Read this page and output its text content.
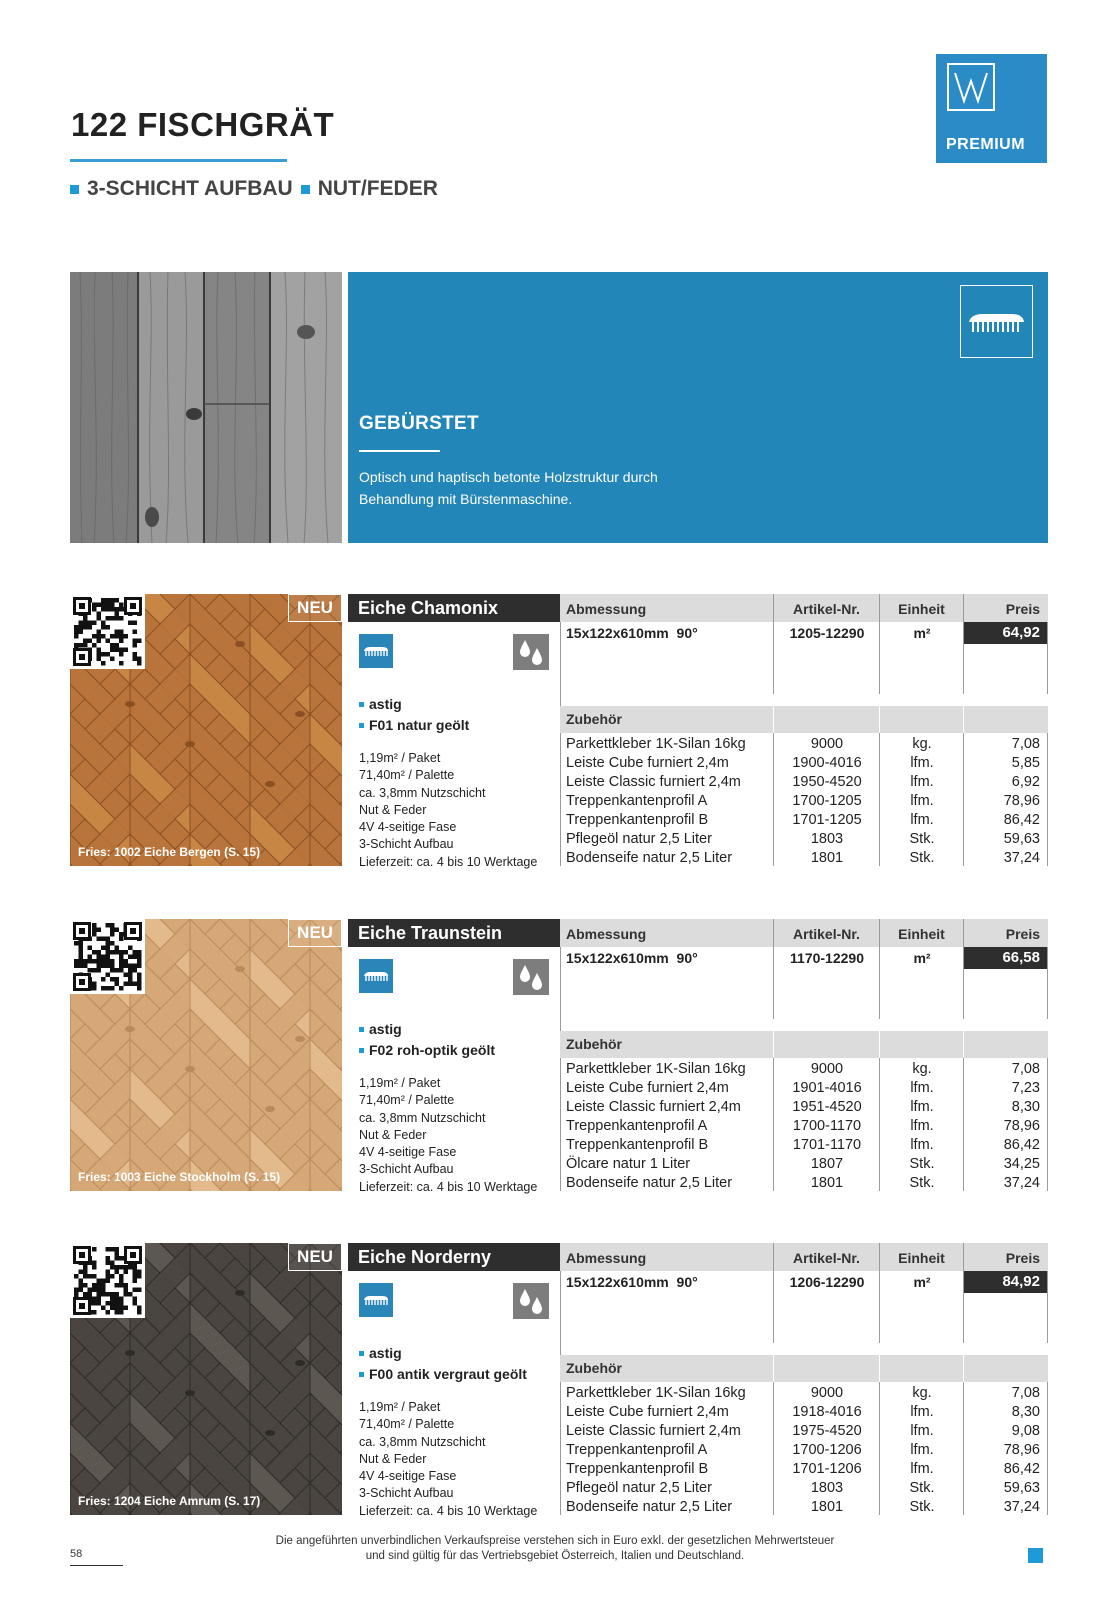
122 FISCHGRÄT
3-SCHICHT AUFBAU NUT/FEDER
PREMIUM
GEBÜRSTET
Optisch und haptisch betonte Holzstruktur durch
Behandlung mit Bürstenmaschine.
NEU
Fries: 1002 Eiche Bergen (S. 15)
Eiche Chamonix
astig
F01 natur geölt
1,19m² / Paket
71,40m² / Palette
ca. 3,8mm Nutzschicht
Nut & Feder
4V 4-seitige Fase
3-Schicht Aufbau
Lieferzeit: ca. 4 bis 10 Werktage
Abmessung	Artikel-Nr.	Einheit	Preis
15x122x610mm  90°	1205-12290	m²	64,92
Zubehör
Parkettkleber 1K-Silan 16kg	9000	kg.	7,08
Leiste Cube furniert 2,4m	1900-4016	lfm.	5,85
Leiste Classic furniert 2,4m	1950-4520	lfm.	6,92
Treppenkantenprofil A	1700-1205	lfm.	78,96
Treppenkantenprofil B	1701-1205	lfm.	86,42
Pflegeöl natur 2,5 Liter	1803	Stk.	59,63
Bodenseife natur 2,5 Liter	1801	Stk.	37,24
NEU
Fries: 1003 Eiche Stockholm (S. 15)
Eiche Traunstein
astig
F02 roh-optik geölt
1,19m² / Paket
71,40m² / Palette
ca. 3,8mm Nutzschicht
Nut & Feder
4V 4-seitige Fase
3-Schicht Aufbau
Lieferzeit: ca. 4 bis 10 Werktage
Abmessung	Artikel-Nr.	Einheit	Preis
15x122x610mm  90°	1170-12290	m²	66,58
Zubehör
Parkettkleber 1K-Silan 16kg	9000	kg.	7,08
Leiste Cube furniert 2,4m	1901-4016	lfm.	7,23
Leiste Classic furniert 2,4m	1951-4520	lfm.	8,30
Treppenkantenprofil A	1700-1170	lfm.	78,96
Treppenkantenprofil B	1701-1170	lfm.	86,42
Ölcare natur 1 Liter	1807	Stk.	34,25
Bodenseife natur 2,5 Liter	1801	Stk.	37,24
NEU
Fries: 1204 Eiche Amrum (S. 17)
Eiche Norderny
astig
F00 antik vergraut geölt
1,19m² / Paket
71,40m² / Palette
ca. 3,8mm Nutzschicht
Nut & Feder
4V 4-seitige Fase
3-Schicht Aufbau
Lieferzeit: ca. 4 bis 10 Werktage
Abmessung	Artikel-Nr.	Einheit	Preis
15x122x610mm  90°	1206-12290	m²	84,92
Zubehör
Parkettkleber 1K-Silan 16kg	9000	kg.	7,08
Leiste Cube furniert 2,4m	1918-4016	lfm.	8,30
Leiste Classic furniert 2,4m	1975-4520	lfm.	9,08
Treppenkantenprofil A	1700-1206	lfm.	78,96
Treppenkantenprofil B	1701-1206	lfm.	86,42
Pflegeöl natur 2,5 Liter	1803	Stk.	59,63
Bodenseife natur 2,5 Liter	1801	Stk.	37,24
58
Die angeführten unverbindlichen Verkaufspreise verstehen sich in Euro exkl. der gesetzlichen Mehrwertsteuer
und sind gültig für das Vertriebsgebiet Österreich, Italien und Deutschland.
